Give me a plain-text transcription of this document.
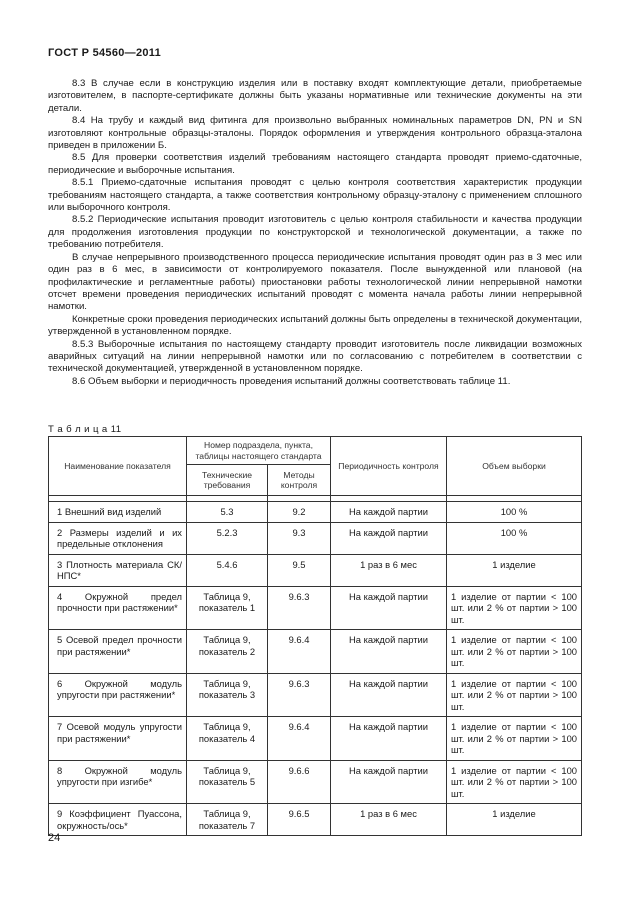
ГОСТ Р 54560—2011

8.3 В случае если в конструкцию изделия или в поставку входят комплектующие детали, приобретаемые изготовителем, в паспорте-сертификате должны быть указаны нормативные или технические документы на эти детали.

8.4 На трубу и каждый вид фитинга для произвольно выбранных номинальных параметров DN, PN и SN изготовляют контрольные образцы-эталоны. Порядок оформления и утверждения контрольного образца-эталона приведен в приложении Б.

8.5 Для проверки соответствия изделий требованиям настоящего стандарта проводят приемо-сдаточные, периодические и выборочные испытания.

8.5.1 Приемо-сдаточные испытания проводят с целью контроля соответствия характеристик продукции требованиям настоящего стандарта, а также соответствия контрольному образцу-эталону с применением сплошного или выборочного контроля.

8.5.2 Периодические испытания проводит изготовитель с целью контроля стабильности и качества продукции для продолжения изготовления продукции по конструкторской и технологической документации, а также по требованию потребителя.

В случае непрерывного производственного процесса периодические испытания проводят один раз в 3 мес или один раз в 6 мес, в зависимости от контролируемого показателя. После вынужденной или плановой (на профилактические и регламентные работы) приостановки работы технологической линии непрерывной намотки отсчет времени проведения периодических испытаний проводят с момента начала работы линии непрерывной намотки.

Конкретные сроки проведения периодических испытаний должны быть определены в технической документации, утвержденной в установленном порядке.

8.5.3 Выборочные испытания по настоящему стандарту проводит изготовитель после ликвидации возможных аварийных ситуаций на линии непрерывной намотки или по согласованию с потребителем в соответствии с технической документацией, утвержденной в установленном порядке.

8.6 Объем выборки и периодичность проведения испытаний должны соответствовать таблице 11.

Т а б л и ц а 11
Наименование показателя	Номер подраздела, пункта, таблицы настоящего стандарта		Периодичность контроля	Объем выборки
	Технические требования	Методы контроля		

1 Внешний вид изделий	5.3	9.2	На каждой партии	100 %
2 Размеры изделий и их предельные отклонения	5.2.3	9.3	На каждой партии	100 %
3 Плотность материала СК/НПС*	5.4.6	9.5	1 раз в 6 мес	1 изделие
4 Окружной предел прочности при растяжении*	Таблица 9, показатель 1	9.6.3	На каждой партии	1 изделие от партии < 100 шт. или 2 % от партии > 100 шт.
5 Осевой предел прочности при растяжении*	Таблица 9, показатель 2	9.6.4	На каждой партии	1 изделие от партии < 100 шт. или 2 % от партии > 100 шт.
6 Окружной модуль упругости при растяжении*	Таблица 9, показатель 3	9.6.3	На каждой партии	1 изделие от партии < 100 шт. или 2 % от партии > 100 шт.
7 Осевой модуль упругости при растяжении*	Таблица 9, показатель 4	9.6.4	На каждой партии	1 изделие от партии < 100 шт. или 2 % от партии > 100 шт.
8 Окружной модуль упругости при изгибе*	Таблица 9, показатель 5	9.6.6	На каждой партии	1 изделие от партии < 100 шт. или 2 % от партии > 100 шт.
9 Коэффициент Пуассона, окружность/ось*	Таблица 9, показатель 7	9.6.5	1 раз в 6 мес	1 изделие
24
